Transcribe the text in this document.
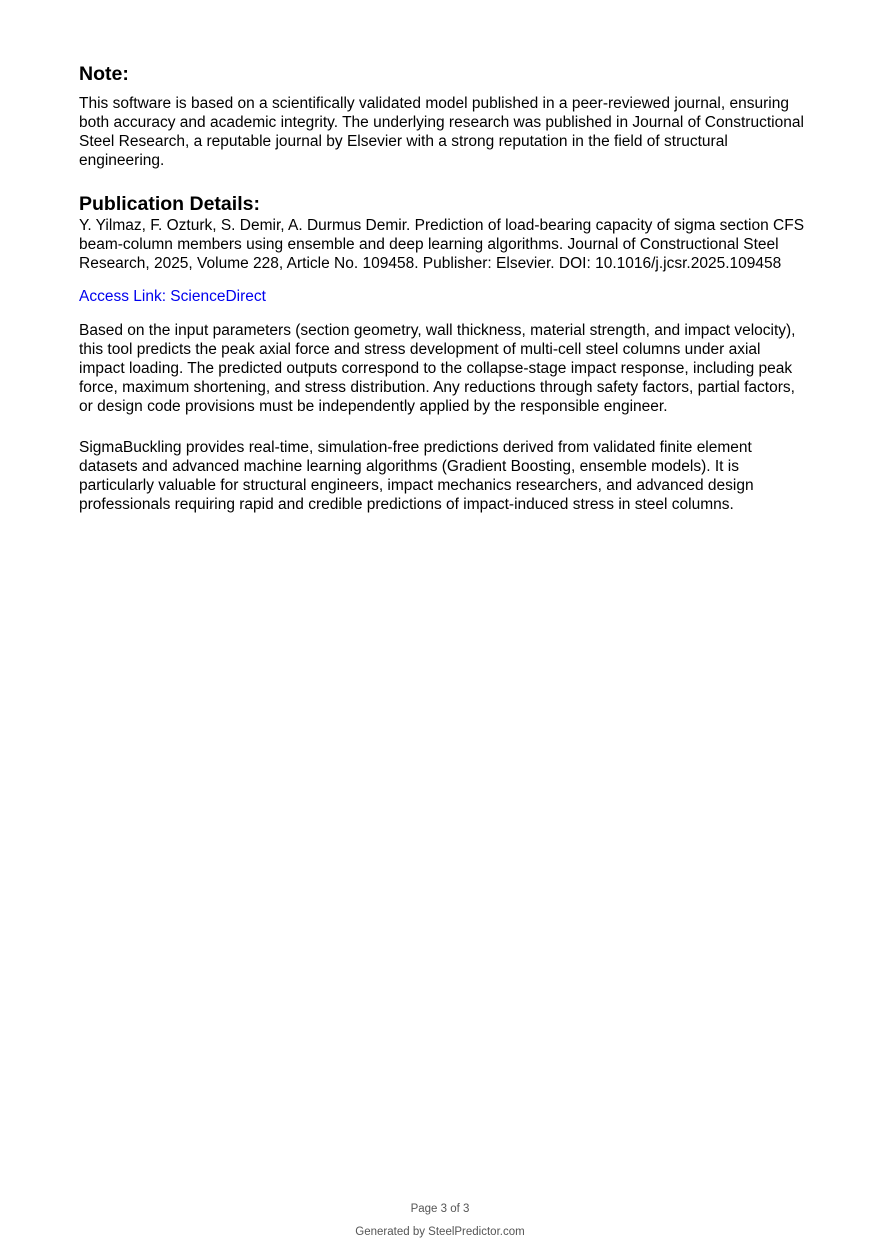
Note:

This software is based on a scientifically validated model published in a peer-reviewed journal, ensuring both accuracy and academic integrity. The underlying research was published in Journal of Constructional Steel Research, a reputable journal by Elsevier with a strong reputation in the field of structural engineering.

Publication Details:

Y. Yilmaz, F. Ozturk, S. Demir, A. Durmus Demir. Prediction of load-bearing capacity of sigma section CFS beam-column members using ensemble and deep learning algorithms. Journal of Constructional Steel Research, 2025, Volume 228, Article No. 109458. Publisher: Elsevier. DOI: 10.1016/j.jcsr.2025.109458

Access Link: ScienceDirect

Based on the input parameters (section geometry, wall thickness, material strength, and impact velocity), this tool predicts the peak axial force and stress development of multi-cell steel columns under axial impact loading. The predicted outputs correspond to the collapse-stage impact response, including peak force, maximum shortening, and stress distribution. Any reductions through safety factors, partial factors, or design code provisions must be independently applied by the responsible engineer.

SigmaBuckling provides real-time, simulation-free predictions derived from validated finite element datasets and advanced machine learning algorithms (Gradient Boosting, ensemble models). It is particularly valuable for structural engineers, impact mechanics researchers, and advanced design professionals requiring rapid and credible predictions of impact-induced stress in steel columns.

Page 3 of 3
Generated by SteelPredictor.com
